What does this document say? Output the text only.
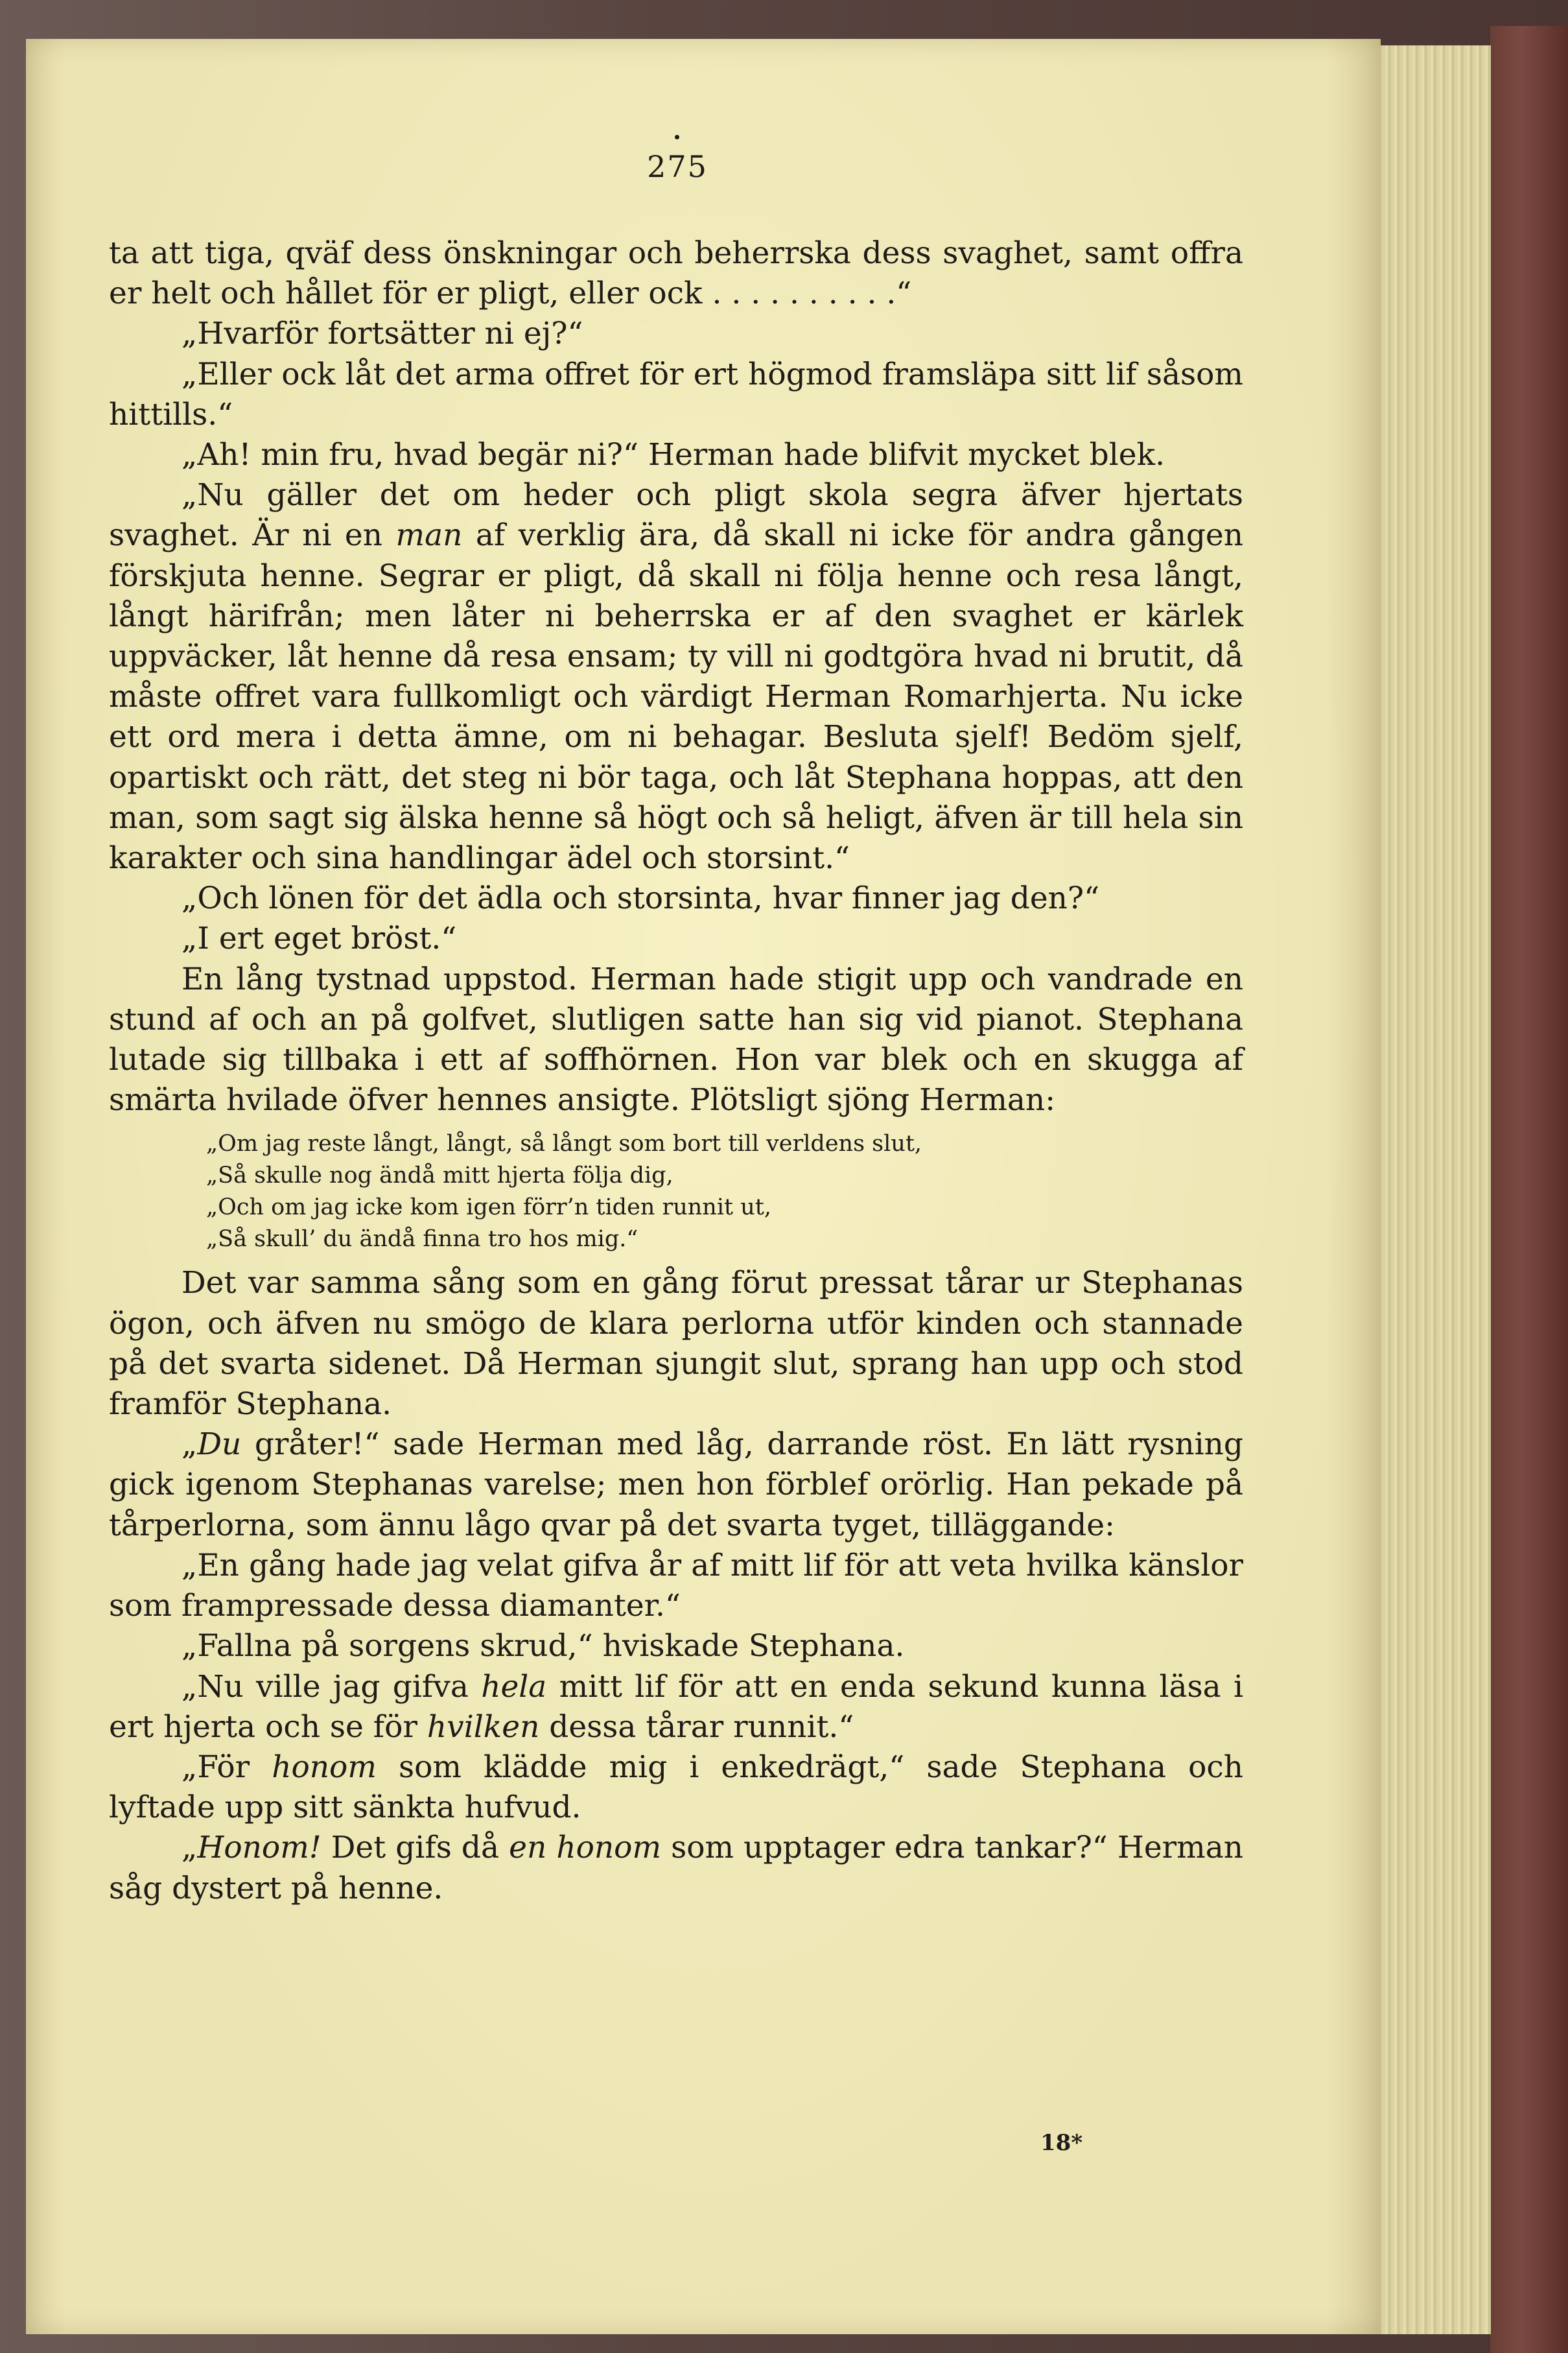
275

ta att tiga, qväf dess önskningar och beherrska dess svaghet, samt offra er helt och hållet för er pligt, eller ock . . . . . . . . . .“

„Hvarför fortsätter ni ej?“

„Eller ock låt det arma offret för ert högmod framsläpa sitt lif såsom hittills.“

„Ah! min fru, hvad begär ni?“ Herman hade blifvit mycket blek.

„Nu gäller det om heder och pligt skola segra äfver hjertats svaghet. Är ni en man af verklig ära, då skall ni icke för andra gången förskjuta henne. Segrar er pligt, då skall ni följa henne och resa långt, långt härifrån; men låter ni beherrska er af den svaghet er kärlek uppväcker, låt henne då resa ensam; ty vill ni godtgöra hvad ni brutit, då måste offret vara fullkomligt och värdigt Herman Romarhjerta. Nu icke ett ord mera i detta ämne, om ni behagar. Besluta sjelf! Bedöm sjelf, opartiskt och rätt, det steg ni bör taga, och låt Stephana hoppas, att den man, som sagt sig älska henne så högt och så heligt, äfven är till hela sin karakter och sina handlingar ädel och storsint.“

„Och lönen för det ädla och storsinta, hvar finner jag den?“

„I ert eget bröst.“

En lång tystnad uppstod. Herman hade stigit upp och vandrade en stund af och an på golfvet, slutligen satte han sig vid pianot. Stephana lutade sig tillbaka i ett af soffhörnen. Hon var blek och en skugga af smärta hvilade öfver hennes ansigte. Plötsligt sjöng Herman:

„Om jag reste långt, långt, så långt som bort till verldens slut,
„Så skulle nog ändå mitt hjerta följa dig,
„Och om jag icke kom igen förr’n tiden runnit ut,
„Så skull’ du ändå finna tro hos mig.“

Det var samma sång som en gång förut pressat tårar ur Stephanas ögon, och äfven nu smögo de klara perlorna utför kinden och stannade på det svarta sidenet. Då Herman sjungit slut, sprang han upp och stod framför Stephana.

„Du gråter!“ sade Herman med låg, darrande röst. En lätt rysning gick igenom Stephanas varelse; men hon förblef orörlig. Han pekade på tårperlorna, som ännu lågo qvar på det svarta tyget, tilläggande:

„En gång hade jag velat gifva år af mitt lif för att veta hvilka känslor som frampressade dessa diamanter.“

„Fallna på sorgens skrud,“ hviskade Stephana.

„Nu ville jag gifva hela mitt lif för att en enda sekund kunna läsa i ert hjerta och se för hvilken dessa tårar runnit.“

„För honom som klädde mig i enkedrägt,“ sade Stephana och lyftade upp sitt sänkta hufvud.

„Honom! Det gifs då en honom som upptager edra tankar?“ Herman såg dystert på henne.

18*
